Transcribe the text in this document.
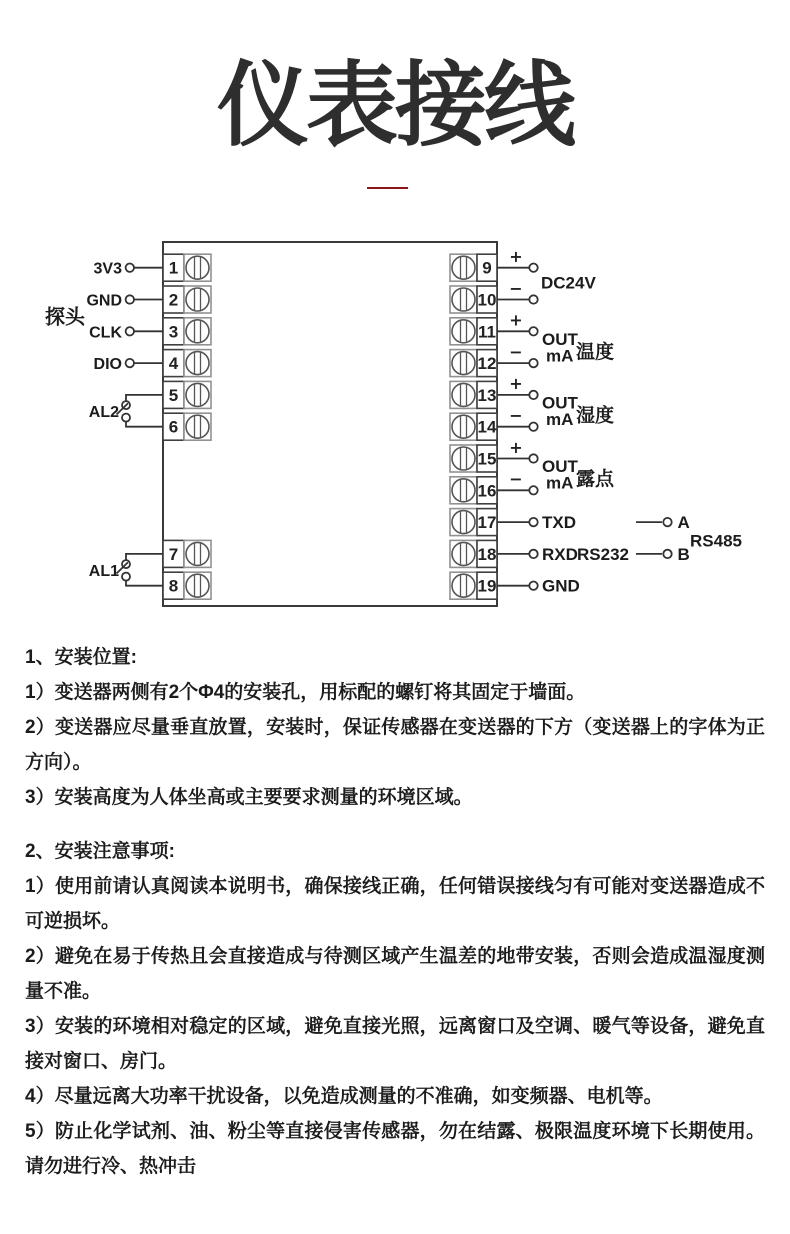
仪表接线
1
2
3
4
5
6
7
8
3V3
GND
CLK
DIO
探头
AL2
AL1
9
10
11
12
13
14
15
16
17
18
19
+
− DC24V
+
−
OUT
mA 温度
+
−
OUT
mA 湿度
+
−
OUT
mA 露点
TXD
RXD RS232
GND
A
B
RS485

1、安装位置:

1）变送器两侧有2个Φ4的安装孔，用标配的螺钉将其固定于墙面。

2）变送器应尽量垂直放置，安装时，保证传感器在变送器的下方（变送器上的字体为正方向）。

3）安装高度为人体坐高或主要要求测量的环境区域。

2、安装注意事项:

1）使用前请认真阅读本说明书，确保接线正确，任何错误接线匀有可能对变送器造成不可逆损坏。

2）避免在易于传热且会直接造成与待测区域产生温差的地带安装，否则会造成温湿度测量不准。

3）安装的环境相对稳定的区域，避免直接光照，远离窗口及空调、暖气等设备，避免直接对窗口、房门。

4）尽量远离大功率干扰设备，以免造成测量的不准确，如变频器、电机等。

5）防止化学试剂、油、粉尘等直接侵害传感器，勿在结露、极限温度环境下长期使用。请勿进行冷、热冲击
